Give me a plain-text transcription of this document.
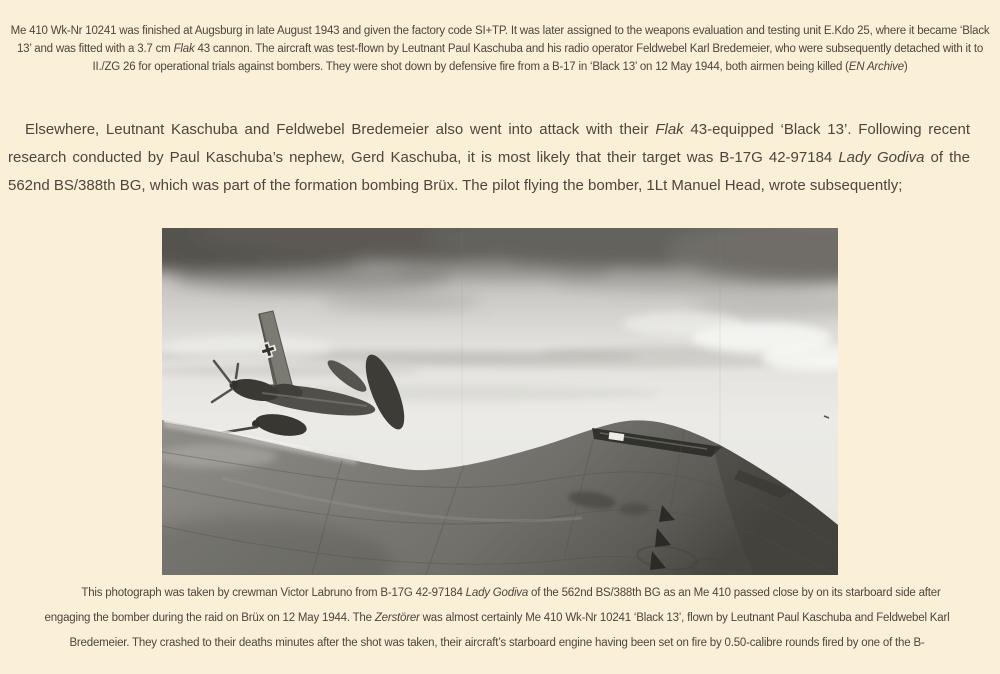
Me 410 Wk-Nr 10241 was finished at Augsburg in late August 1943 and given the factory code SI+TP. It was later assigned to the weapons evaluation and testing unit E.Kdo 25, where it became ‘Black 13’ and was fitted with a 3.7 cm Flak 43 cannon. The aircraft was test-flown by Leutnant Paul Kaschuba and his radio operator Feldwebel Karl Bredemeier, who were subsequently detached with it to II./ZG 26 for operational trials against bombers. They were shot down by defensive fire from a B-17 in ‘Black 13’ on 12 May 1944, both airmen being killed (EN Archive)

Elsewhere, Leutnant Kaschuba and Feldwebel Bredemeier also went into attack with their Flak 43-equipped ‘Black 13’. Following recent research conducted by Paul Kaschuba’s nephew, Gerd Kaschuba, it is most likely that their target was B-17G 42-97184 Lady Godiva of the 562nd BS/388th BG, which was part of the formation bombing Brüx. The pilot flying the bomber, 1Lt Manuel Head, wrote subsequently;

This photograph was taken by crewman Victor Labruno from B-17G 42-97184 Lady Godiva of the 562nd BS/388th BG as an Me 410 passed close by on its starboard side after engaging the bomber during the raid on Brüx on 12 May 1944. The Zerstörer was almost certainly Me 410 Wk-Nr 10241 ‘Black 13’, flown by Leutnant Paul Kaschuba and Feldwebel Karl Bredemeier. They crashed to their deaths minutes after the shot was taken, their aircraft’s starboard engine having been set on fire by 0.50-calibre rounds fired by one of the B-
